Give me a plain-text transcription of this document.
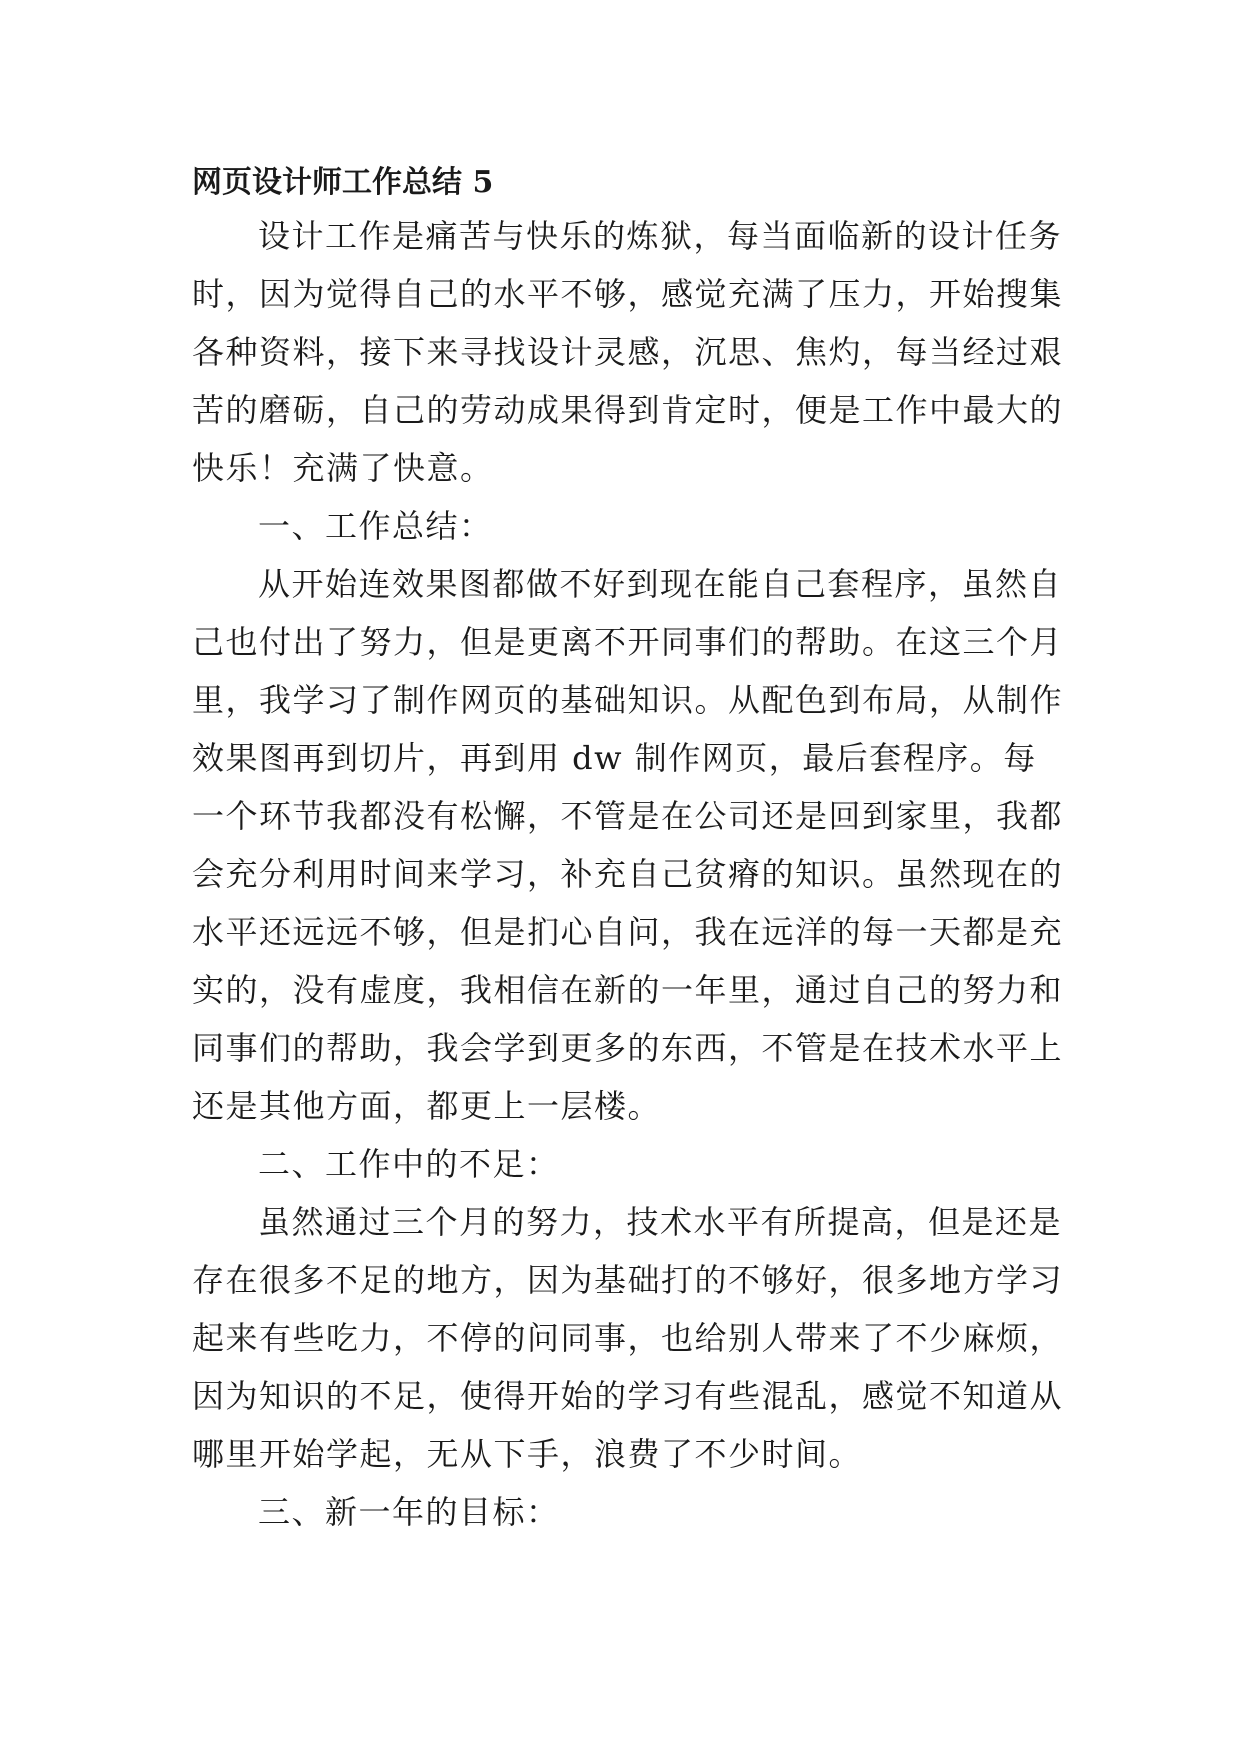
网页设计师工作总结 5

设计工作是痛苦与快乐的炼狱，每当面临新的设计任务时，因为觉得自己的水平不够，感觉充满了压力，开始搜集各种资料，接下来寻找设计灵感，沉思、焦灼，每当经过艰苦的磨砺，自己的劳动成果得到肯定时，便是工作中最大的快乐！充满了快意。

一、工作总结：

从开始连效果图都做不好到现在能自己套程序，虽然自己也付出了努力，但是更离不开同事们的帮助。在这三个月里，我学习了制作网页的基础知识。从配色到布局，从制作效果图再到切片，再到用 dw 制作网页，最后套程序。每一个环节我都没有松懈，不管是在公司还是回到家里，我都会充分利用时间来学习，补充自己贫瘠的知识。虽然现在的水平还远远不够，但是扪心自问，我在远洋的每一天都是充实的，没有虚度，我相信在新的一年里，通过自己的努力和同事们的帮助，我会学到更多的东西，不管是在技术水平上还是其他方面，都更上一层楼。

二、工作中的不足：

虽然通过三个月的努力，技术水平有所提高，但是还是存在很多不足的地方，因为基础打的不够好，很多地方学习起来有些吃力，不停的问同事，也给别人带来了不少麻烦，因为知识的不足，使得开始的学习有些混乱，感觉不知道从哪里开始学起，无从下手，浪费了不少时间。

三、新一年的目标：
